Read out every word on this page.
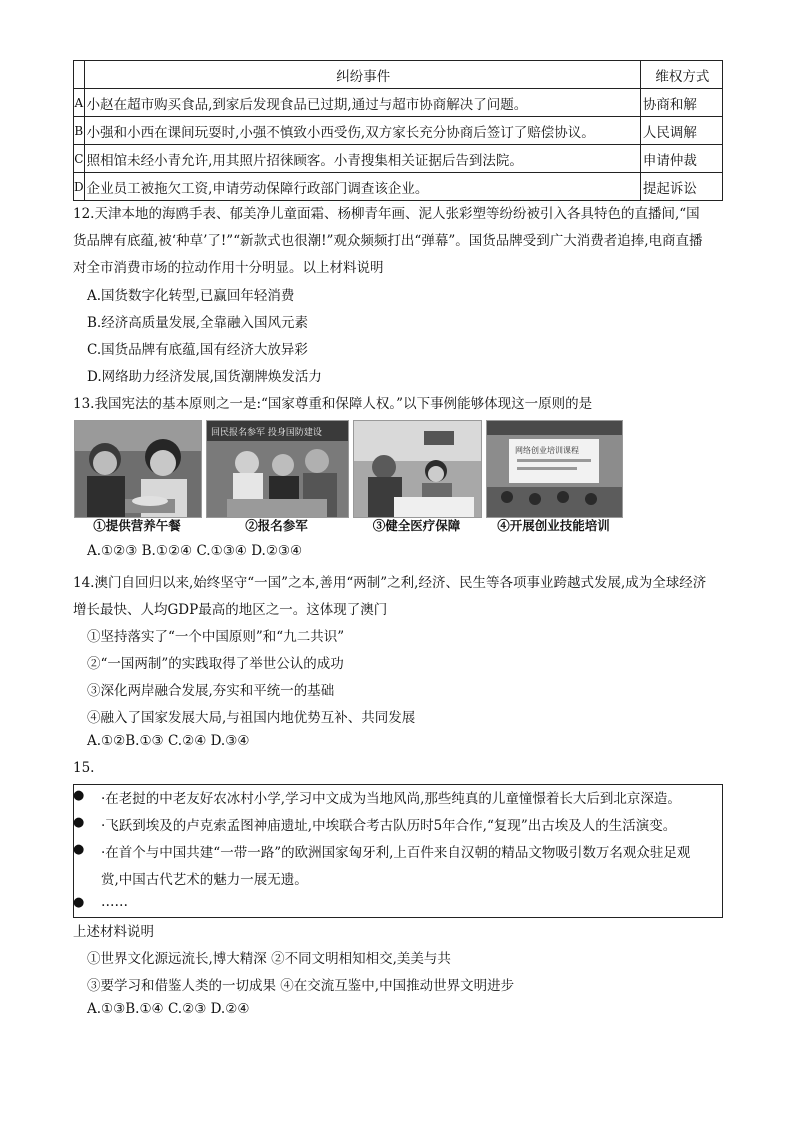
	纠纷事件	维权方式
A	小赵在超市购买食品,到家后发现食品已过期,通过与超市协商解决了问题。	协商和解
B	小强和小西在课间玩耍时,小强不慎致小西受伤,双方家长充分协商后签订了赔偿协议。	人民调解
C	照相馆未经小青允许,用其照片招徕顾客。小青搜集相关证据后告到法院。	申请仲裁
D	企业员工被拖欠工资,申请劳动保障行政部门调查该企业。	提起诉讼
12.天津本地的海鸥手表、郁美净儿童面霜、杨柳青年画、泥人张彩塑等纷纷被引入各具特色的直播间,“国
货品牌有底蕴,被‘种草’了!”“新款式也很潮!”观众频频打出“弹幕”。国货品牌受到广大消费者追捧,电商直播
对全市消费市场的拉动作用十分明显。以上材料说明
A.国货数字化转型,已赢回年轻消费
B.经济高质量发展,全靠融入国风元素
C.国货品牌有底蕴,国有经济大放异彩
D.网络助力经济发展,国货潮牌焕发活力
13.我国宪法的基本原则之一是:“国家尊重和保障人权。”以下事例能够体现这一原则的是
回民报名参军 投身国防建设
网络创业培训课程
①提供营养午餐	②报名参军	③健全医疗保障	④开展创业技能培训
A.①②③ B.①②④ C.①③④ D.②③④
14.澳门自回归以来,始终坚守“一国”之本,善用“两制”之利,经济、民生等各项事业跨越式发展,成为全球经济
增长最快、人均GDP最高的地区之一。这体现了澳门
①坚持落实了“一个中国原则”和“九二共识”
②“一国两制”的实践取得了举世公认的成功
③深化两岸融合发展,夯实和平统一的基础
④融入了国家发展大局,与祖国内地优势互补、共同发展
A.①②B.①③ C.②④ D.③④
15.
● ·在老挝的中老友好农冰村小学,学习中文成为当地风尚,那些纯真的儿童憧憬着长大后到北京深造。
● ·飞跃到埃及的卢克索孟图神庙遗址,中埃联合考古队历时5年合作,“复现”出古埃及人的生活演变。
● ·在首个与中国共建“一带一路”的欧洲国家匈牙利,上百件来自汉朝的精品文物吸引数万名观众驻足观
赏,中国古代艺术的魅力一展无遗。
● ……
上述材料说明
①世界文化源远流长,博大精深 ②不同文明相知相交,美美与共
③要学习和借鉴人类的一切成果 ④在交流互鉴中,中国推动世界文明进步
A.①③B.①④ C.②③ D.②④
